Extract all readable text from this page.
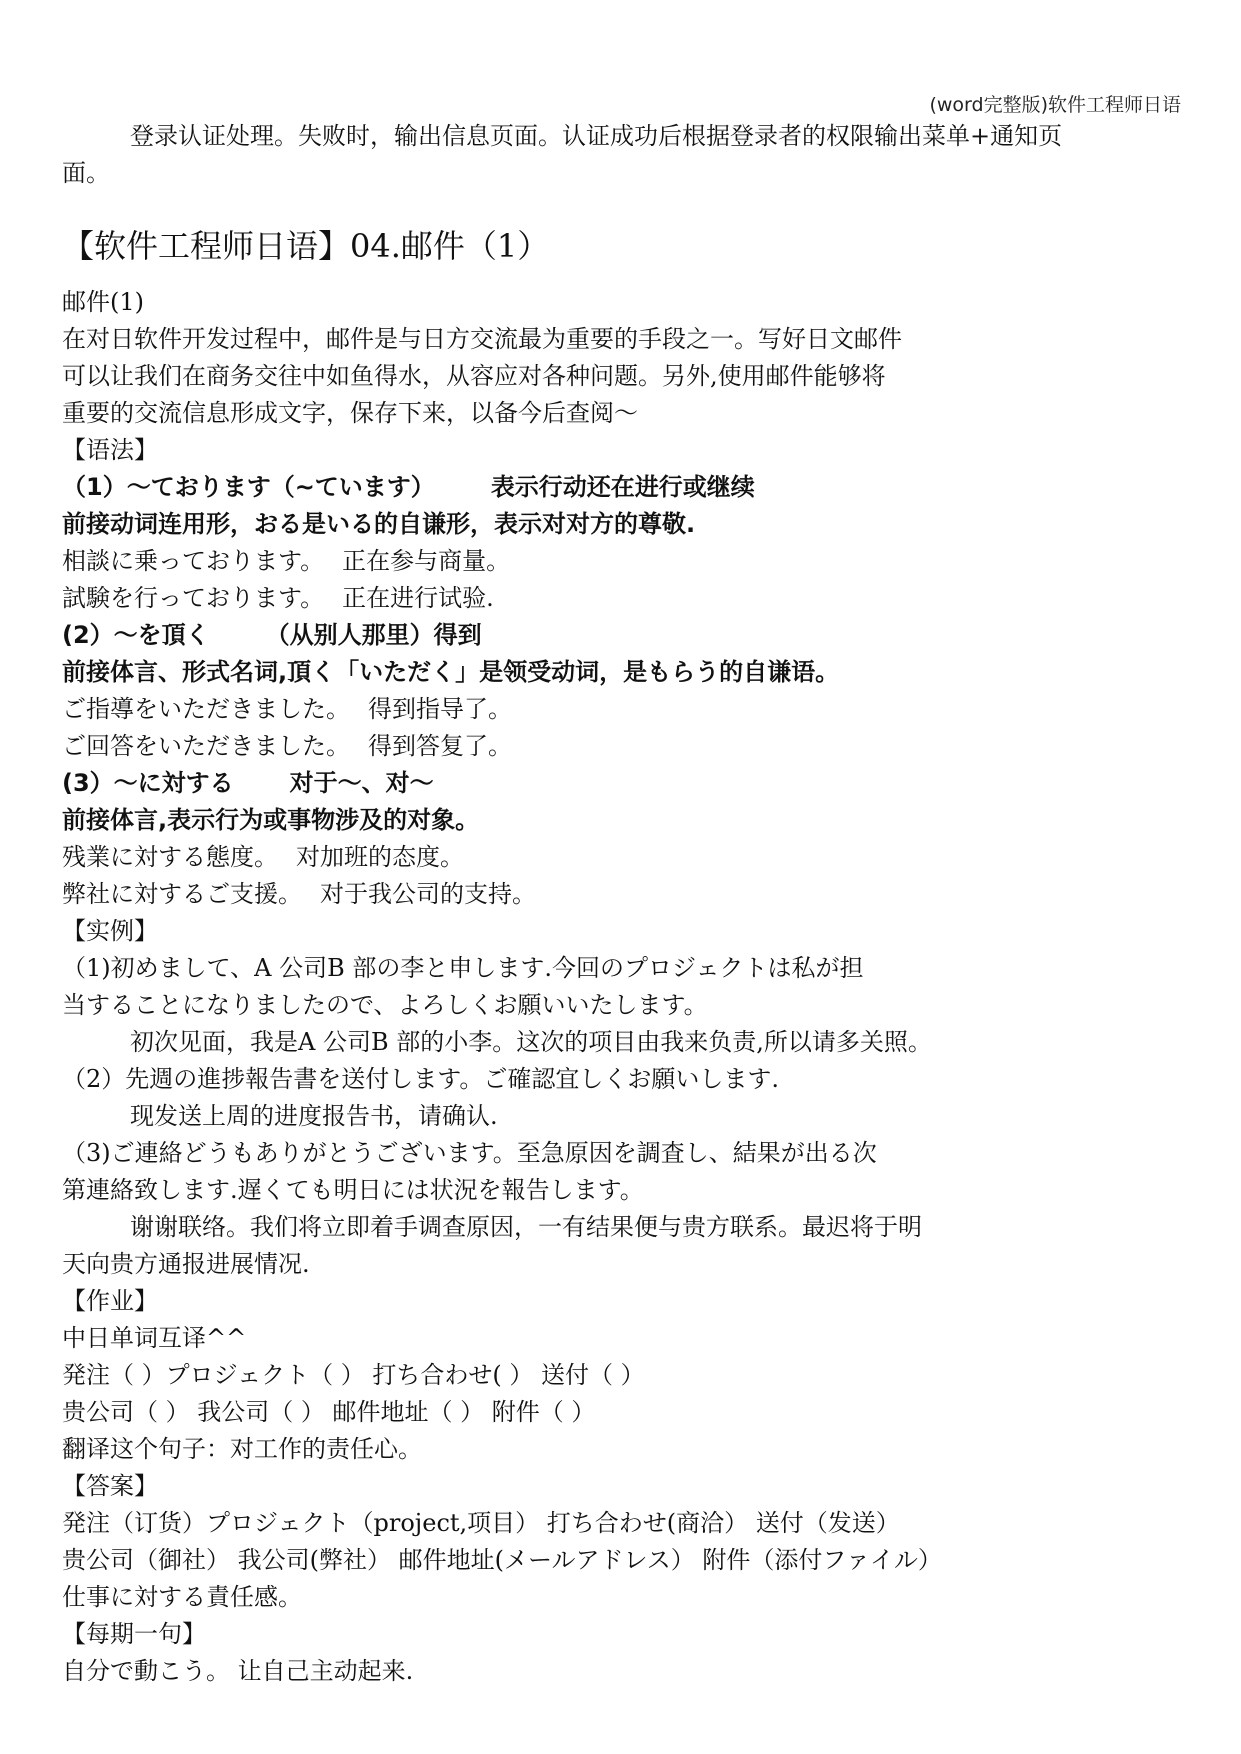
(word完整版)软件工程师日语
登录认证处理。失败时，输出信息页面。认证成功后根据登录者的权限输出菜单+通知页
面。
【软件工程师日语】04.邮件（1）
邮件(1)
在对日软件开发过程中，邮件是与日方交流最为重要的手段之一。写好日文邮件
可以让我们在商务交往中如鱼得水，从容应对各种问题。另外,使用邮件能够将
重要的交流信息形成文字，保存下来，以备今后查阅～
【语法】
（1）～ております（~ています） 表示行动还在进行或继续
前接动词连用形，おる是いる的自谦形，表示对对方的尊敬.
相談に乗っております。 正在参与商量。
試験を行っております。 正在进行试验.
(2）～を頂く （从别人那里）得到
前接体言、形式名词,頂く「いただく」是领受动词，是もらう的自谦语。
ご指導をいただきました。 得到指导了。
ご回答をいただきました。 得到答复了。
(3）～に対する 对于～、对～
前接体言,表示行为或事物涉及的对象。
残業に対する態度。 对加班的态度。
弊社に対するご支援。 对于我公司的支持。
【实例】
（1)初めまして、A 公司B 部の李と申します.今回のプロジェクトは私が担
当することになりましたので、よろしくお願いいたします。
初次见面，我是A 公司B 部的小李。这次的项目由我来负责,所以请多关照。
（2）先週の進捗報告書を送付します。ご確認宜しくお願いします.
现发送上周的进度报告书，请确认.
（3)ご連絡どうもありがとうございます。至急原因を調査し、結果が出る次
第連絡致します.遅くても明日には状況を報告します。
谢谢联络。我们将立即着手调查原因，一有结果便与贵方联系。最迟将于明
天向贵方通报进展情况.
【作业】
中日单词互译^^
発注（ ）プロジェクト（ ） 打ち合わせ( ） 送付（ ）
贵公司（ ） 我公司（ ） 邮件地址（ ） 附件（ ）
翻译这个句子：对工作的责任心。
【答案】
発注（订货）プロジェクト（project,项目） 打ち合わせ(商洽） 送付（发送）
贵公司（御社） 我公司(弊社） 邮件地址(メールアドレス） 附件（添付ファイル）
仕事に対する責任感。
【每期一句】
自分で動こう。 让自己主动起来.
